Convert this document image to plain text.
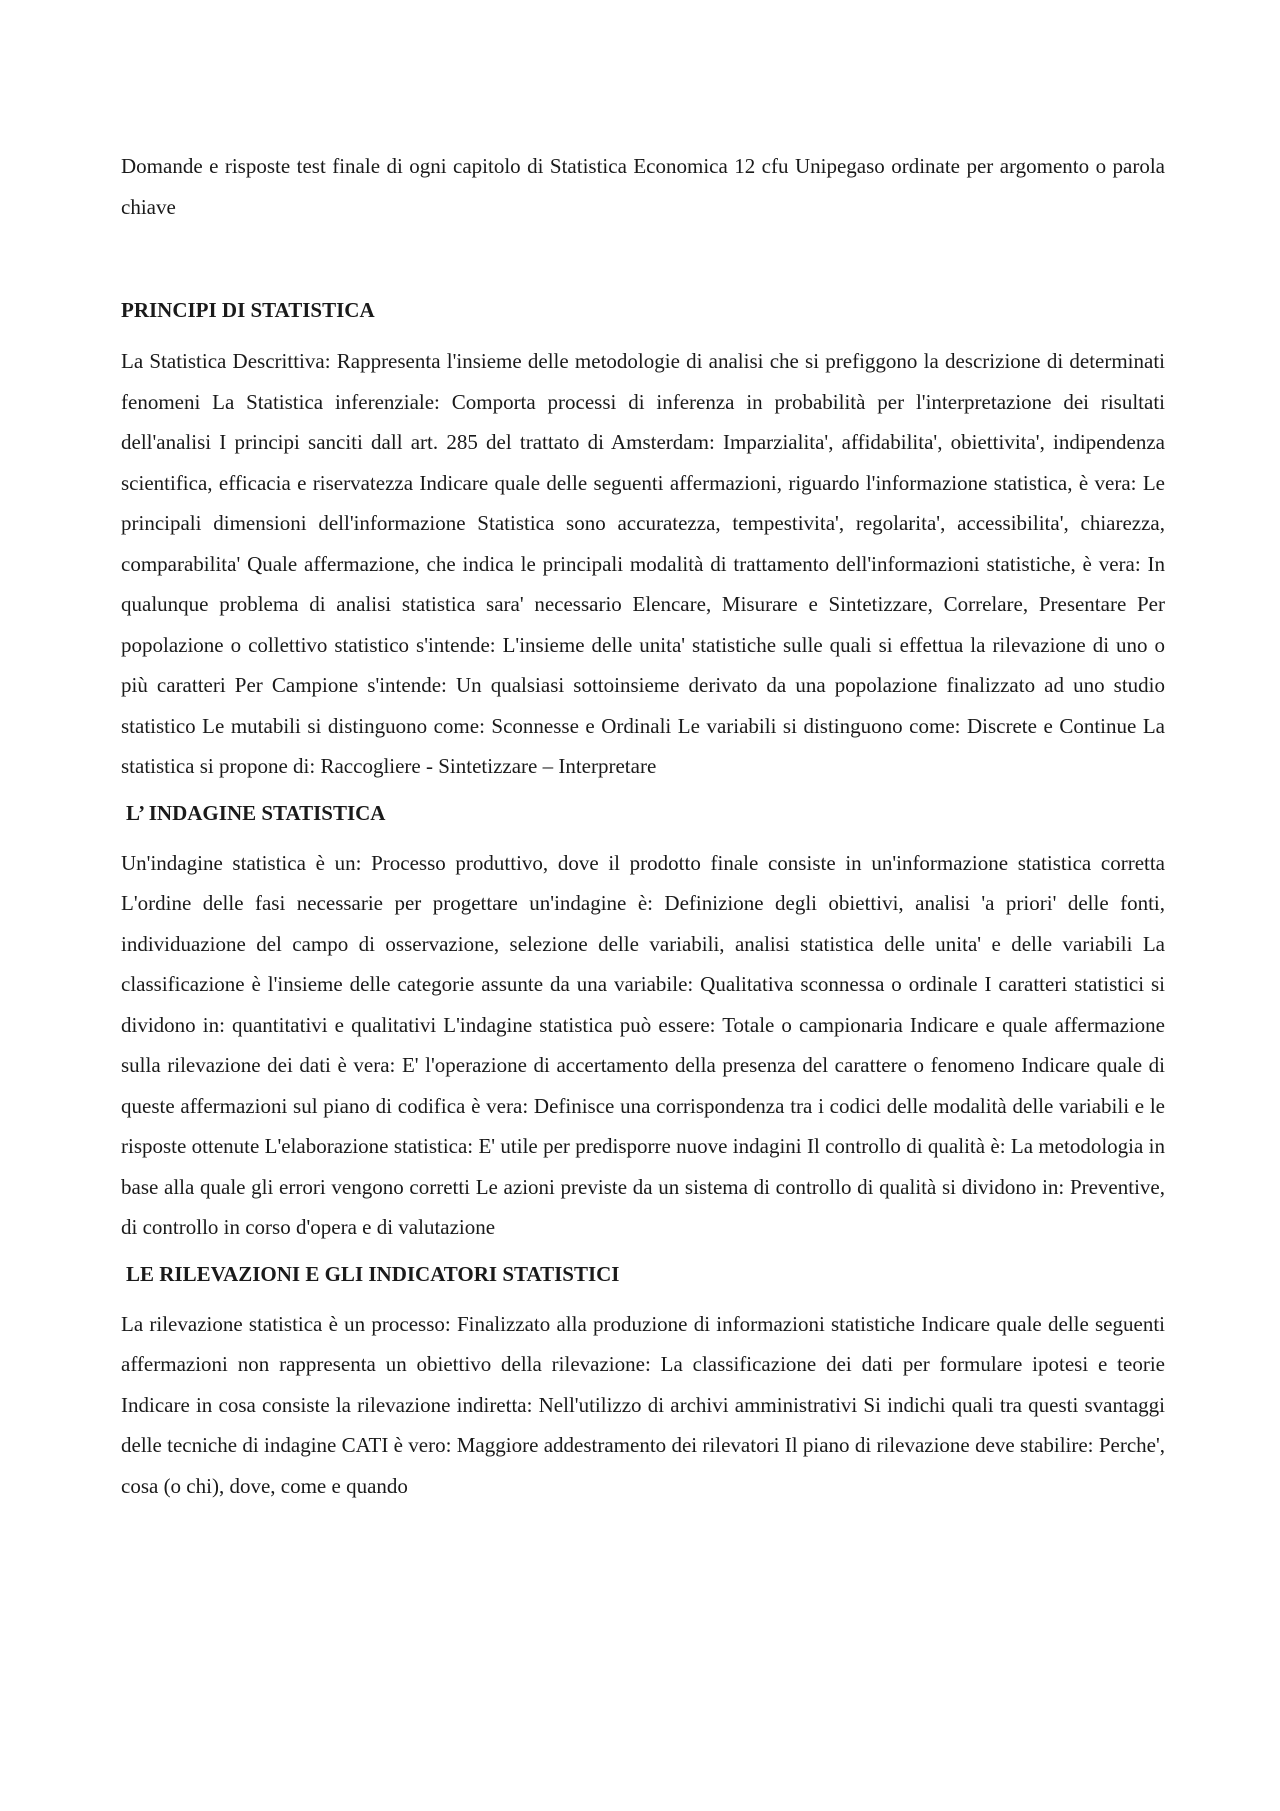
Domande e risposte test finale di ogni capitolo di Statistica Economica 12 cfu Unipegaso ordinate per argomento o parola chiave

PRINCIPI DI STATISTICA

La Statistica Descrittiva: Rappresenta l'insieme delle metodologie di analisi che si prefiggono la descrizione di determinati fenomeni La Statistica inferenziale: Comporta processi di inferenza in probabilità per l'interpretazione dei risultati dell'analisi I principi sanciti dall art. 285 del trattato di Amsterdam: Imparzialita', affidabilita', obiettivita', indipendenza scientifica, efficacia e riservatezza Indicare quale delle seguenti affermazioni, riguardo l'informazione statistica, è vera: Le principali dimensioni dell'informazione Statistica sono accuratezza, tempestivita', regolarita', accessibilita', chiarezza, comparabilita' Quale affermazione, che indica le principali modalità di trattamento dell'informazioni statistiche, è vera: In qualunque problema di analisi statistica sara' necessario Elencare, Misurare e Sintetizzare, Correlare, Presentare Per popolazione o collettivo statistico s'intende: L'insieme delle unita' statistiche sulle quali si effettua la rilevazione di uno o più caratteri Per Campione s'intende: Un qualsiasi sottoinsieme derivato da una popolazione finalizzato ad uno studio statistico Le mutabili si distinguono come: Sconnesse e Ordinali Le variabili si distinguono come: Discrete e Continue La statistica si propone di: Raccogliere - Sintetizzare – Interpretare

L’ INDAGINE STATISTICA

Un'indagine statistica è un: Processo produttivo, dove il prodotto finale consiste in un'informazione statistica corretta L'ordine delle fasi necessarie per progettare un'indagine è: Definizione degli obiettivi, analisi 'a priori' delle fonti, individuazione del campo di osservazione, selezione delle variabili, analisi statistica delle unita' e delle variabili La classificazione è l'insieme delle categorie assunte da una variabile: Qualitativa sconnessa o ordinale I caratteri statistici si dividono in: quantitativi e qualitativi L'indagine statistica può essere: Totale o campionaria Indicare e quale affermazione sulla rilevazione dei dati è vera: E' l'operazione di accertamento della presenza del carattere o fenomeno Indicare quale di queste affermazioni sul piano di codifica è vera: Definisce una corrispondenza tra i codici delle modalità delle variabili e le risposte ottenute L'elaborazione statistica: E' utile per predisporre nuove indagini Il controllo di qualità è: La metodologia in base alla quale gli errori vengono corretti Le azioni previste da un sistema di controllo di qualità si dividono in: Preventive, di controllo in corso d'opera e di valutazione

LE RILEVAZIONI E GLI INDICATORI STATISTICI

La rilevazione statistica è un processo: Finalizzato alla produzione di informazioni statistiche Indicare quale delle seguenti affermazioni non rappresenta un obiettivo della rilevazione: La classificazione dei dati per formulare ipotesi e teorie Indicare in cosa consiste la rilevazione indiretta: Nell'utilizzo di archivi amministrativi Si indichi quali tra questi svantaggi delle tecniche di indagine CATI è vero: Maggiore addestramento dei rilevatori Il piano di rilevazione deve stabilire: Perche', cosa (o chi), dove, come e quando
